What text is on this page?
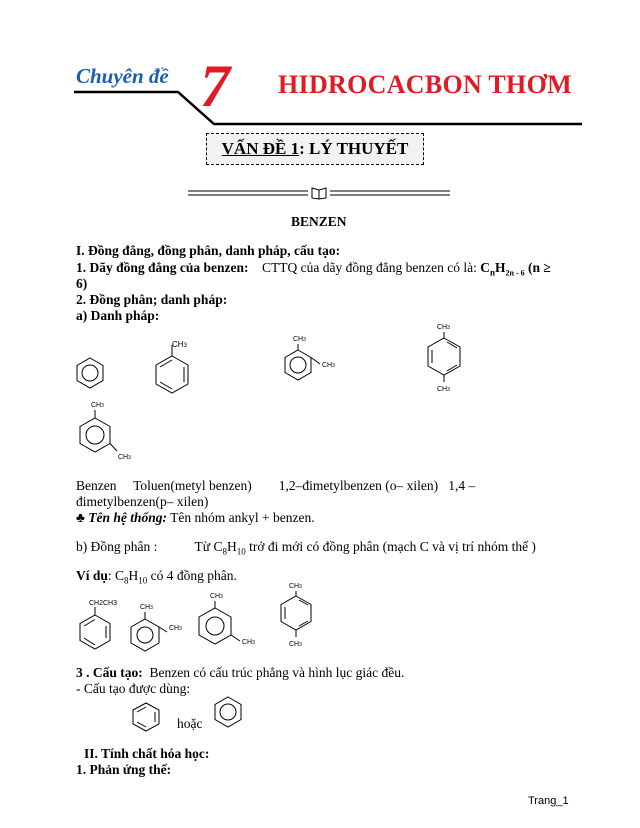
Chuyên đề 7 HIDROCACBON THƠM
VẤN ĐỀ 1: LÝ THUYẾT
BENZEN
I. Đồng đẳng, đồng phân, danh pháp, cấu tạo:
1. Dãy đồng đẳng của benzen: CTTQ của dãy đồng đẳng benzen có là: $C_nH_{2n - 6}$ (n ≥
6)
2. Đồng phân; danh pháp:
a) Danh pháp:
CH3
CH3
CH3
CH3
CH3
CH3
CH3
Benzen     Toluen(metyl benzen)        1,2–đimetylbenzen (o– xilen)   1,4 –
đimetylbenzen(p– xilen)
♣ Tên hệ thống: Tên nhóm ankyl + benzen.
b) Đồng phân :	Từ $C_8H_{10}$ trở đi mới có đồng phân (mạch C và vị trí nhóm thế )
Ví dụ: $C_8H_{10}$ có 4 đồng phân.
CH2CH3
CH3
CH3
CH3
CH3
CH3
CH3
3 . Cấu tạo: Benzen có cấu trúc phẳng và hình lục giác đều.
- Cấu tạo được dùng:
hoặc
II. Tính chất hóa học:
1. Phản ứng thế:
Trang_1
